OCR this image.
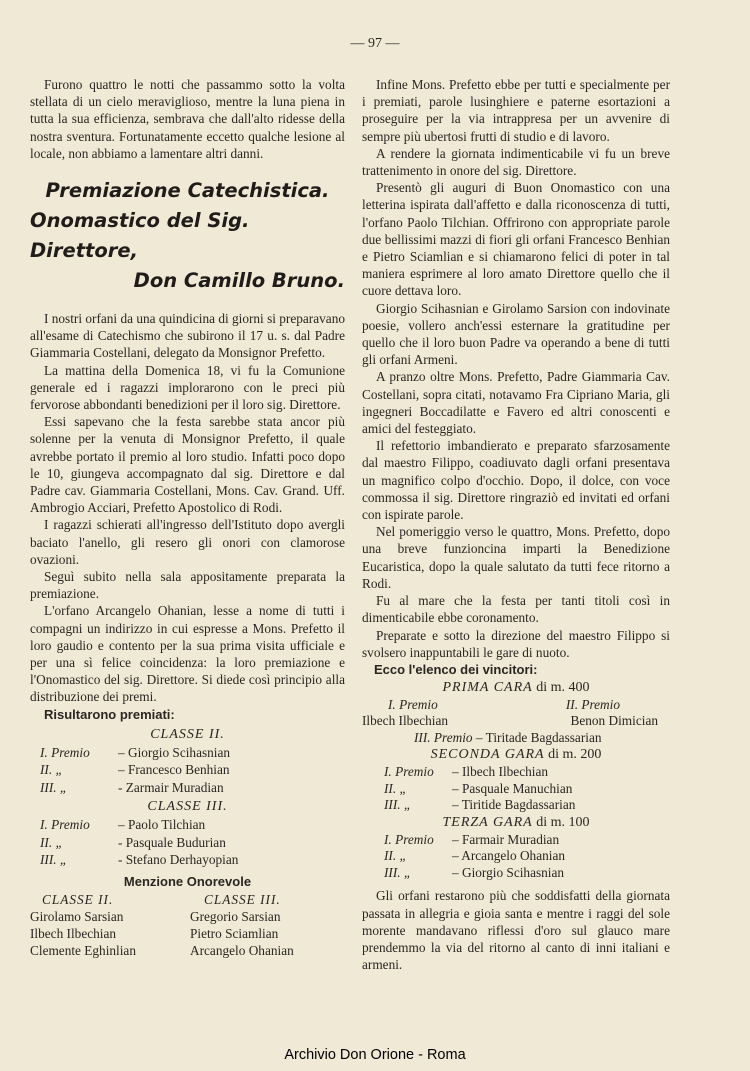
— 97 —

Furono quattro le notti che passammo sotto la volta stellata di un cielo meraviglioso, mentre la luna piena in tutta la sua efficienza, sembrava che dall'alto ridesse della nostra sventura. Fortunatamente eccetto qualche lesione al locale, non abbiamo a lamentare altri danni.

Premiazione Catechistica.
Onomastico del Sig. Direttore,
Don Camillo Bruno.

I nostri orfani da una quindicina di giorni si preparavano all'esame di Catechismo che subirono il 17 u. s. dal Padre Giammaria Costellani, delegato da Monsignor Prefetto.

La mattina della Domenica 18, vi fu la Comunione generale ed i ragazzi implorarono con le preci più fervorose abbondanti benedizioni per il loro sig. Direttore.

Essi sapevano che la festa sarebbe stata ancor più solenne per la venuta di Monsignor Prefetto, il quale avrebbe portato il premio al loro studio. Infatti poco dopo le 10, giungeva accompagnato dal sig. Direttore e dal Padre cav. Giammaria Costellani, Mons. Cav. Grand. Uff. Ambrogio Acciari, Prefetto Apostolico di Rodi.

I ragazzi schierati all'ingresso dell'Istituto dopo avergli baciato l'anello, gli resero gli onori con clamorose ovazioni.

Seguì subito nella sala appositamente preparata la premiazione.

L'orfano Arcangelo Ohanian, lesse a nome di tutti i compagni un indirizzo in cui espresse a Mons. Prefetto il loro gaudio e contento per la sua prima visita ufficiale e per una sì felice coincidenza: la loro premiazione e l'Onomastico del sig. Direttore. Si diede così principio alla distribuzione dei premi.

Risultarono premiati:
CLASSE II.
I. Premio – Giorgio Scihasnian
II. „	– Francesco Benhian
III. „	- Zarmair Muradian
CLASSE III.
I. Premio – Paolo Tilchian
II. „	- Pasquale Budurian
III. „	- Stefano Derhayopian
Menzione Onorevole
CLASSE II.	CLASSE III.
Girolamo Sarsian	Gregorio Sarsian
Ilbech Ilbechian	Pietro Sciamlian
Clemente Eghinlian	Arcangelo Ohanian

Infine Mons. Prefetto ebbe per tutti e specialmente per i premiati, parole lusinghiere e paterne esortazioni a proseguire per la via intrappresa per un avvenire di sempre più ubertosi frutti di studio e di lavoro.

A rendere la giornata indimenticabile vi fu un breve trattenimento in onore del sig. Direttore.

Presentò gli auguri di Buon Onomastico con una letterina ispirata dall'affetto e dalla riconoscenza di tutti, l'orfano Paolo Tilchian. Offrirono con appropriate parole due bellissimi mazzi di fiori gli orfani Francesco Benhian e Pietro Sciamlian e si chiamarono felici di poter in tal maniera esprimere al loro amato Direttore quello che il cuore dettava loro.

Giorgio Scihasnian e Girolamo Sarsion con indovinate poesie, vollero anch'essi esternare la gratitudine per quello che il loro buon Padre va operando a bene di tutti gli orfani Armeni.

A pranzo oltre Mons. Prefetto, Padre Giammaria Cav. Costellani, sopra citati, notavamo Fra Cipriano Maria, gli ingegneri Boccadilatte e Favero ed altri conoscenti e amici del festeggiato.

Il refettorio imbandierato e preparato sfarzosamente dal maestro Filippo, coadiuvato dagli orfani presentava un magnifico colpo d'occhio. Dopo, il dolce, con voce commossa il sig. Direttore ringraziò ed invitati ed orfani con ispirate parole.

Nel pomeriggio verso le quattro, Mons. Prefetto, dopo una breve funzioncina imparti la Benedizione Eucaristica, dopo la quale salutato da tutti fece ritorno a Rodi.

Fu al mare che la festa per tanti titoli così in dimenticabile ebbe coronamento.

Preparate e sotto la direzione del maestro Filippo si svolsero inappuntabili le gare di nuoto.

Ecco l'elenco dei vincitori:
PRIMA CARA di m. 400
I. Premio	II. Premio
Ilbech Ilbechian	Benon Dimician
III. Premio – Tiritade Bagdassarian
SECONDA GARA di m. 200
I. Premio – Ilbech Ilbechian
II. „	– Pasquale Manuchian
III. „	– Tiritide Bagdassarian
TERZA GARA di m. 100
I. Premio – Farmair Muradian
II. „	– Arcangelo Ohanian
III. „	– Giorgio Scihasnian

Gli orfani restarono più che soddisfatti della giornata passata in allegria e gioia santa e mentre i raggi del sole morente mandavano riflessi d'oro sul glauco mare prendemmo la via del ritorno al canto di inni italiani e armeni.

Archivio Don Orione - Roma
